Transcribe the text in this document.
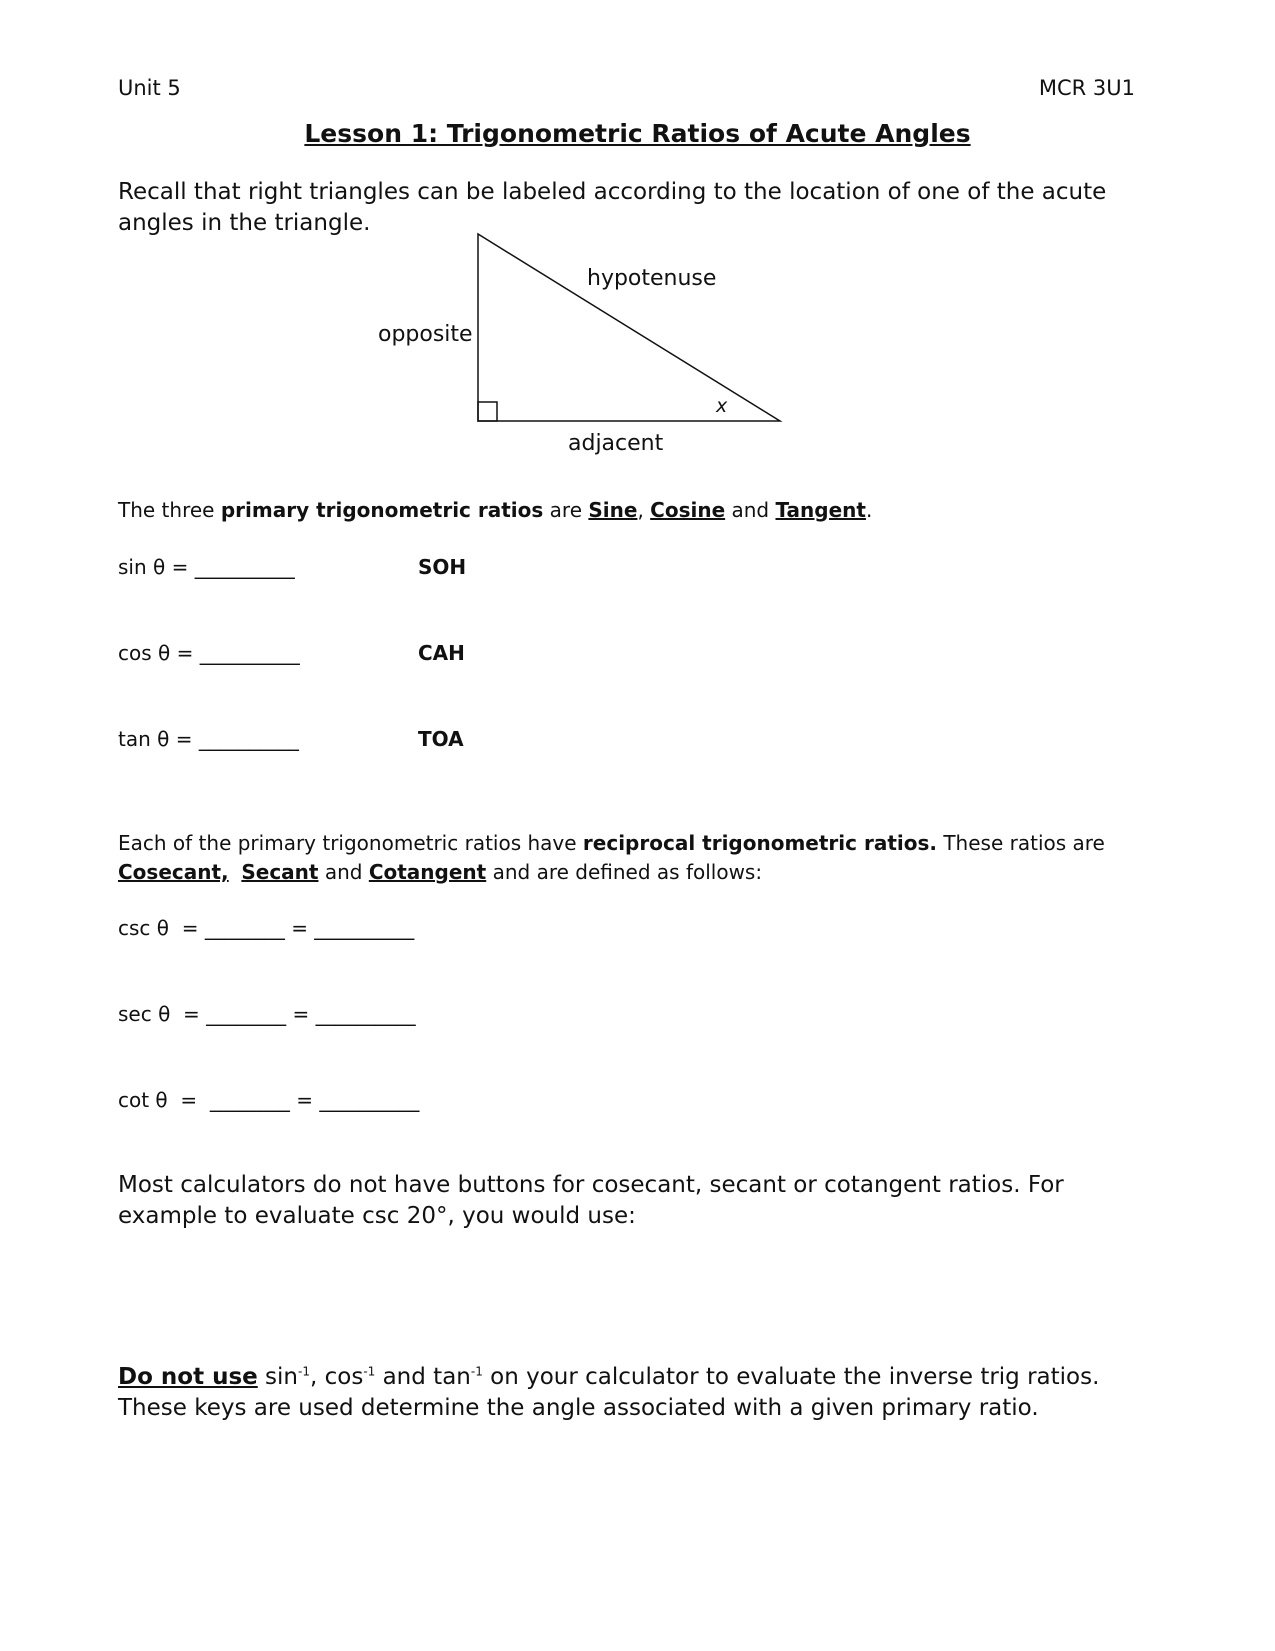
Unit 5	MCR 3U1
Lesson 1: Trigonometric Ratios of Acute Angles
Recall that right triangles can be labeled according to the location of one of the acute angles in the triangle.
hypotenuse
opposite
adjacent
x
The three primary trigonometric ratios are Sine, Cosine and Tangent.
sin θ = __________	SOH
cos θ = __________	CAH
tan θ = __________	TOA
Each of the primary trigonometric ratios have reciprocal trigonometric ratios. These ratios are
Cosecant, Secant and Cotangent and are defined as follows:
csc θ  = ________ = __________
sec θ  = ________ = __________
cot θ  =  ________ = __________
Most calculators do not have buttons for cosecant, secant or cotangent ratios. For example to evaluate csc 20°, you would use:
Do not use $\sin^{-1}$, $\cos^{-1}$ and $\tan^{-1}$ on your calculator to evaluate the inverse trig ratios. These keys are used determine the angle associated with a given primary ratio.
